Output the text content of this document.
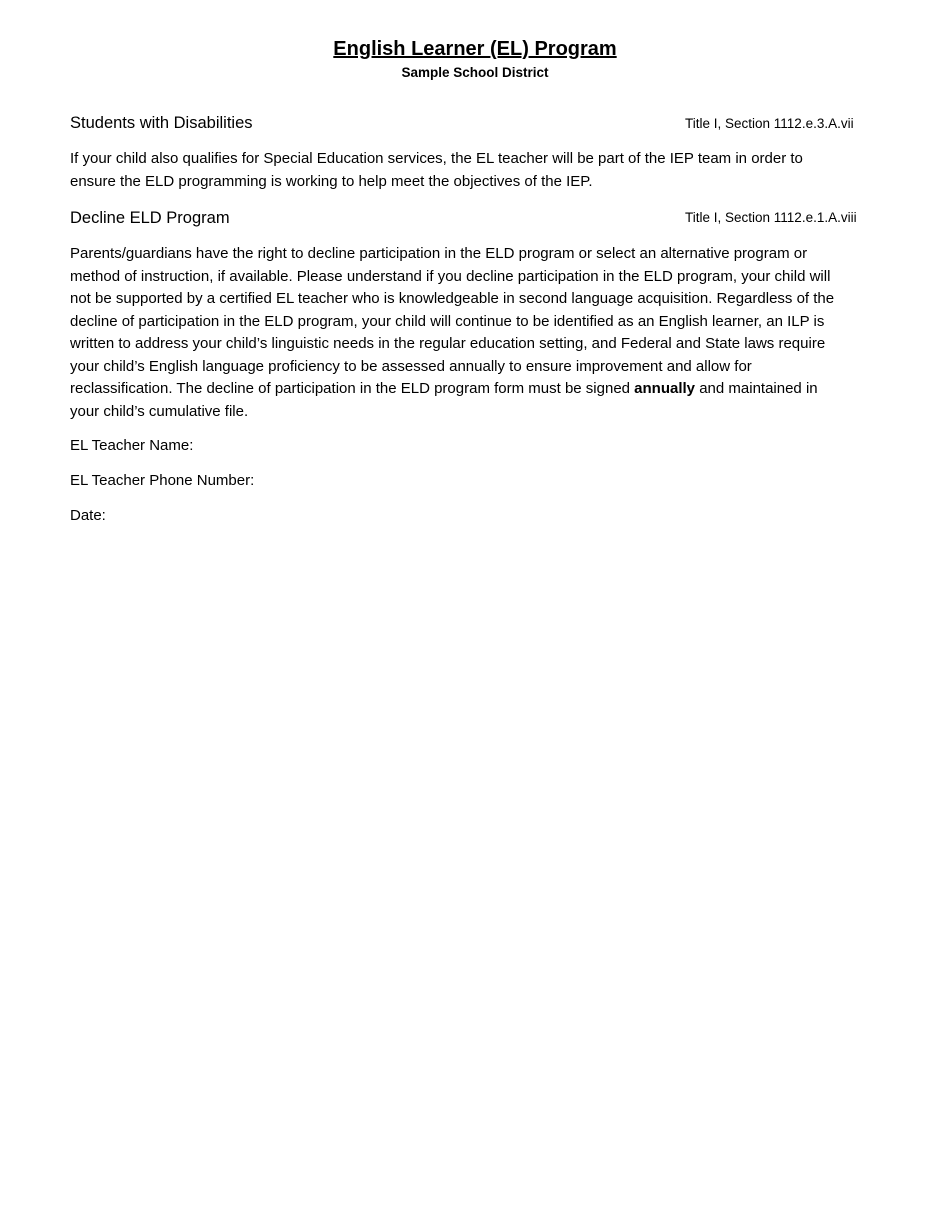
English Learner (EL) Program
Sample School District
Students with Disabilities	Title I, Section 1112.e.3.A.vii
If your child also qualifies for Special Education services, the EL teacher will be part of the IEP team in order to
ensure the ELD programming is working to help meet the objectives of the IEP.
Decline ELD Program	Title I, Section 1112.e.1.A.viii
Parents/guardians have the right to decline participation in the ELD program or select an alternative program or
method of instruction, if available. Please understand if you decline participation in the ELD program, your child will
not be supported by a certified EL teacher who is knowledgeable in second language acquisition. Regardless of the
decline of participation in the ELD program, your child will continue to be identified as an English learner, an ILP is
written to address your child’s linguistic needs in the regular education setting, and Federal and State laws require
your child’s English language proficiency to be assessed annually to ensure improvement and allow for
reclassification. The decline of participation in the ELD program form must be signed annually and maintained in
your child’s cumulative file.
EL Teacher Name:
EL Teacher Phone Number:
Date:
